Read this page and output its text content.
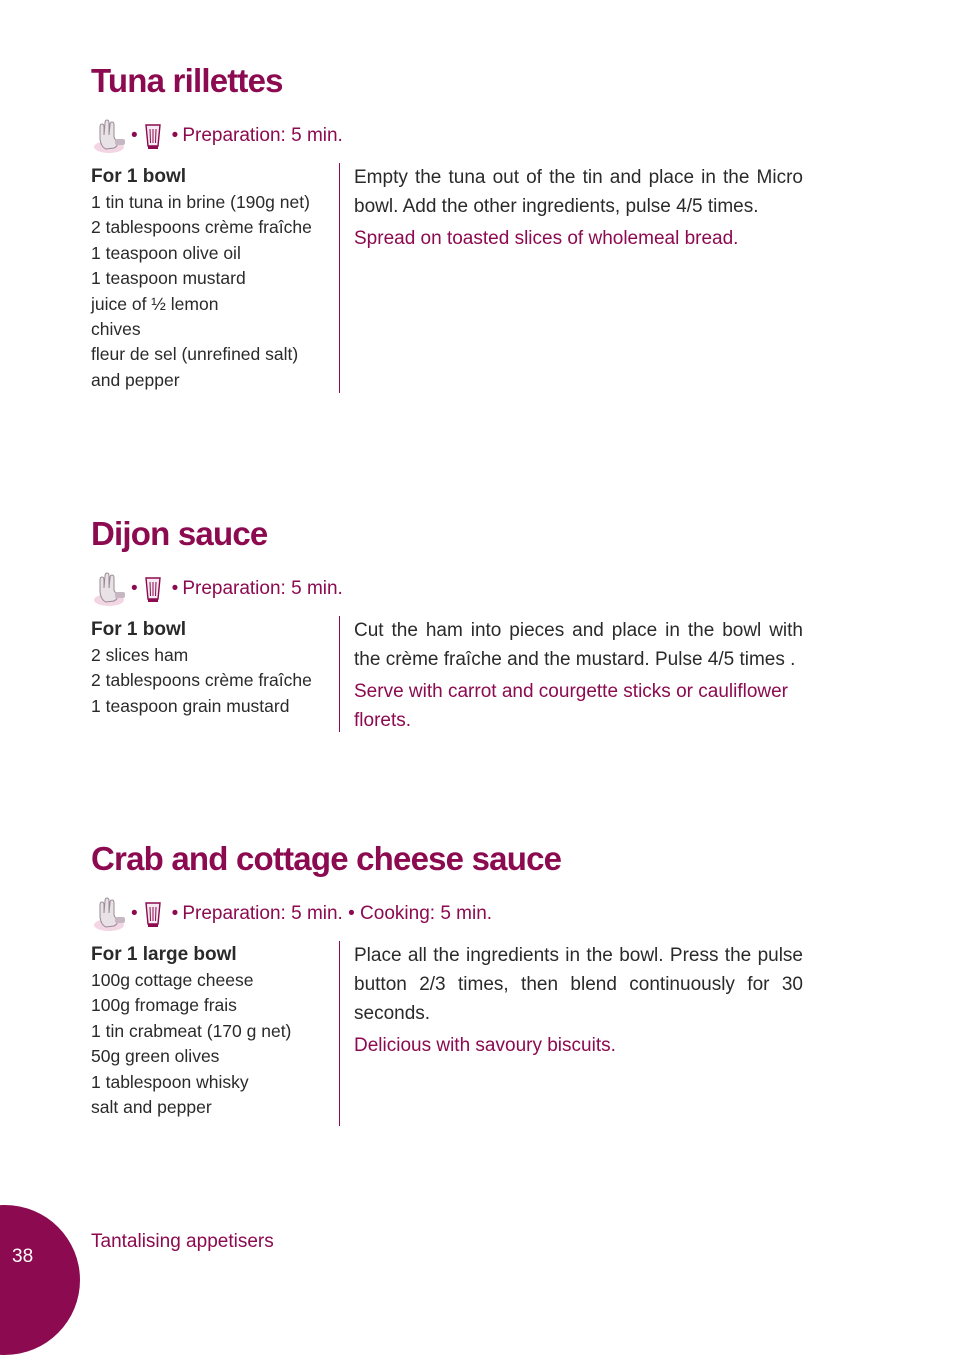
Tuna rillettes
• • Preparation: 5 min.
For 1 bowl
1 tin tuna in brine (190g net)
2 tablespoons crème fraîche
1 teaspoon olive oil
1 teaspoon mustard
juice of ½ lemon
chives
fleur de sel (unrefined salt)
and pepper

Empty the tuna out of the tin and place in the Micro bowl. Add the other ingredients, pulse 4/5 times.

Spread on toasted slices of wholemeal bread.

Dijon sauce
• • Preparation: 5 min.
For 1 bowl
2 slices ham
2 tablespoons crème fraîche
1 teaspoon grain mustard

Cut the ham into pieces and place in the bowl with the crème fraîche and the mustard. Pulse 4/5 times .

Serve with carrot and courgette sticks or cauliflower florets.

Crab and cottage cheese sauce
• • Preparation: 5 min. • Cooking: 5 min.
For 1 large bowl
100g cottage cheese
100g fromage frais
1 tin crabmeat (170 g net)
50g green olives
1 tablespoon whisky
salt and pepper

Place all the ingredients in the bowl. Press the pulse button 2/3 times, then blend continuously for 30 seconds.

Delicious with savoury biscuits.

38
Tantalising appetisers
